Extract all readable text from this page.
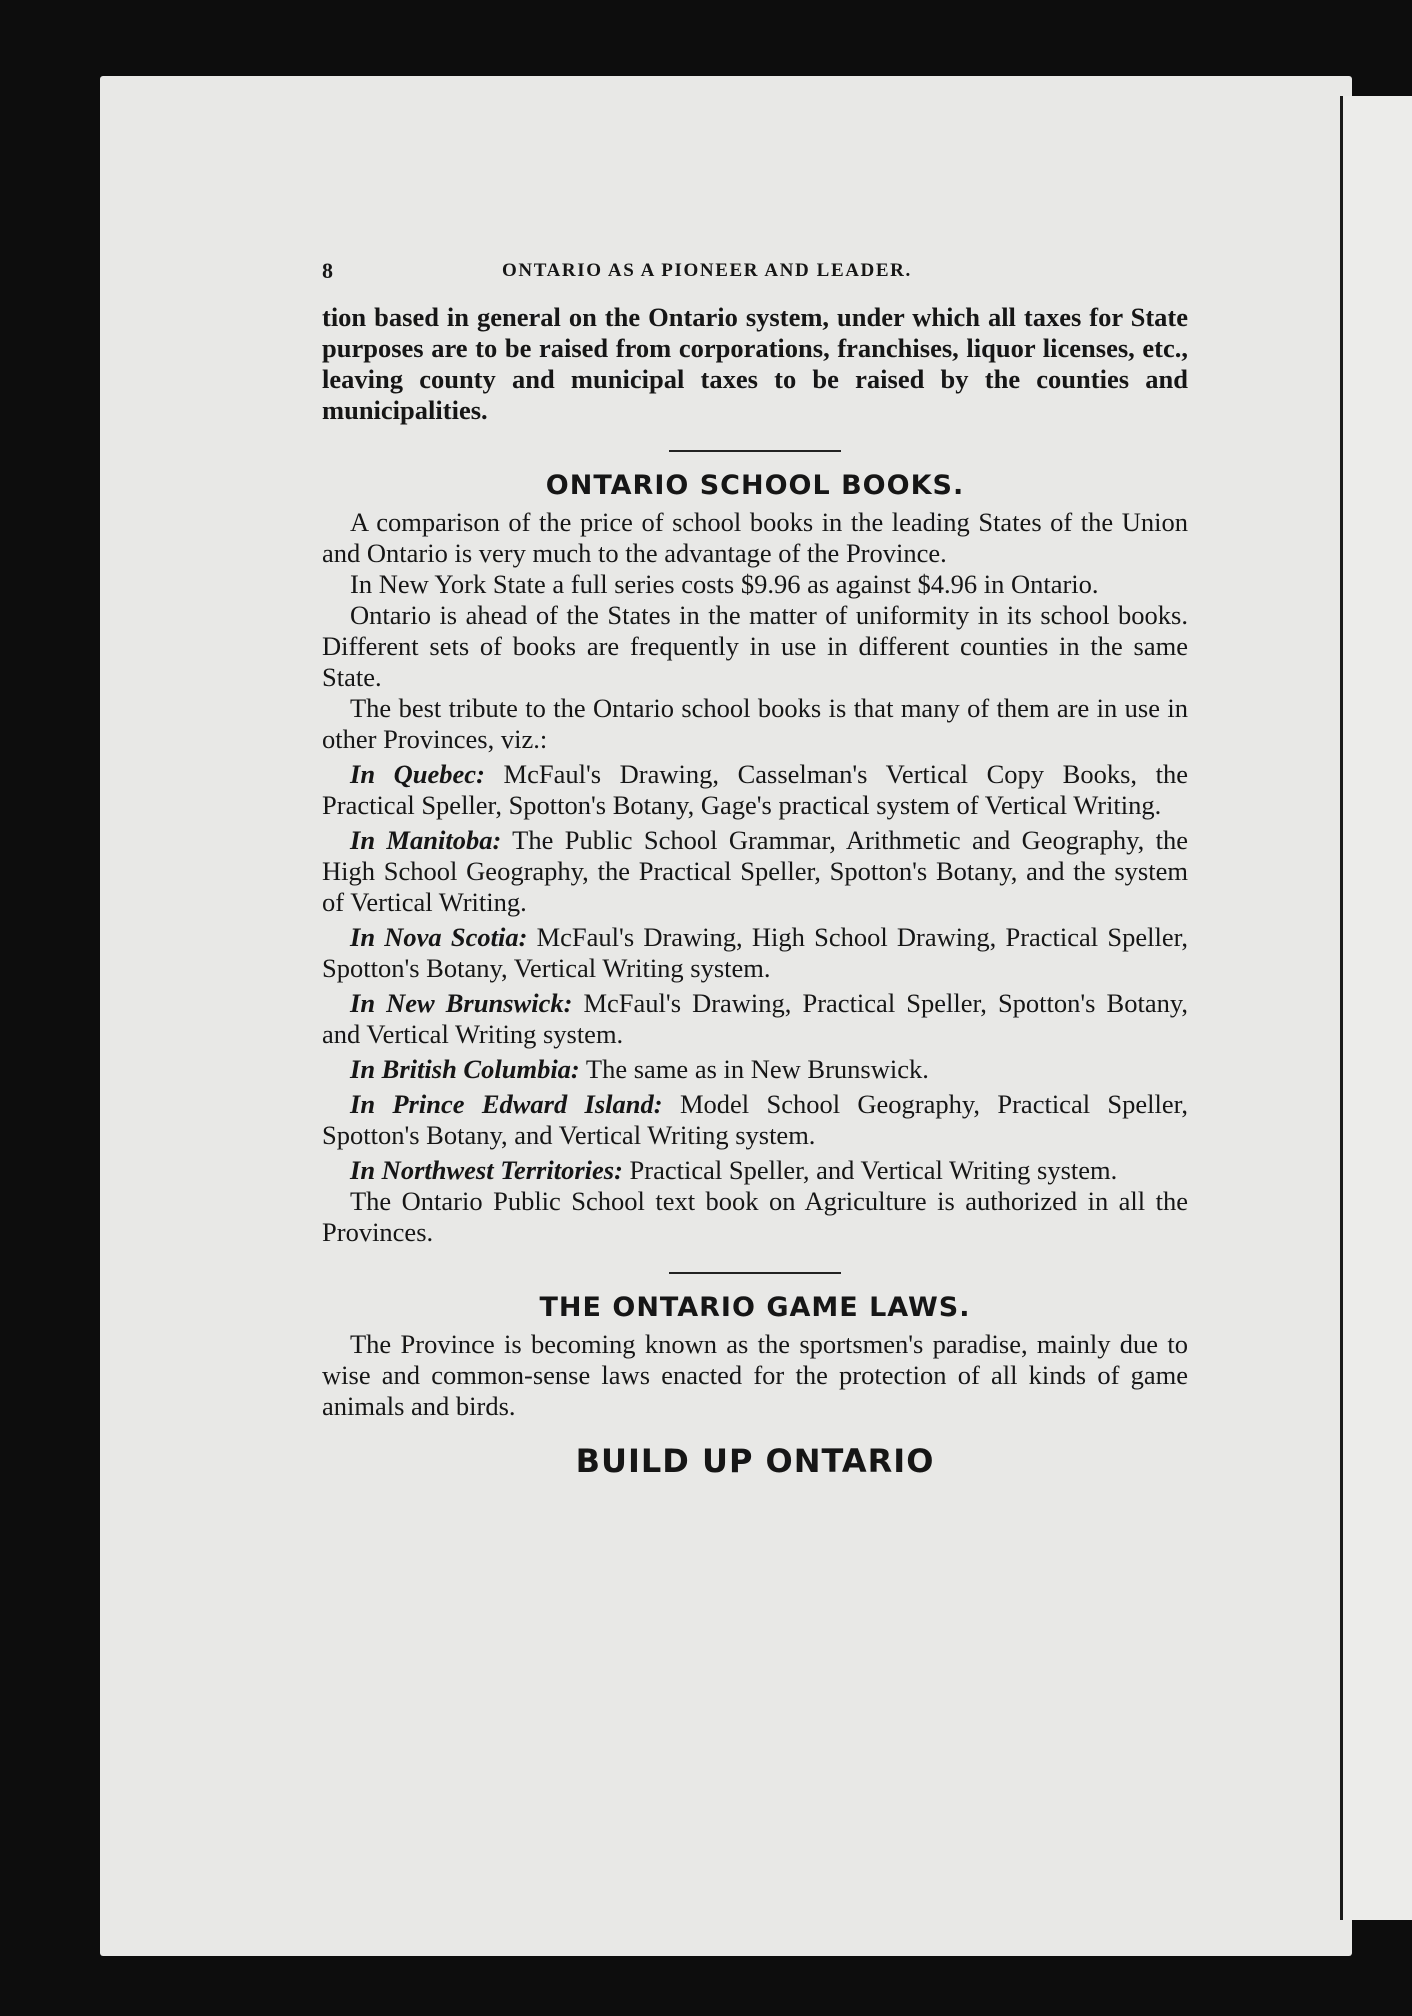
8	ONTARIO AS A PIONEER AND LEADER.

tion based in general on the Ontario system, under which all taxes for State purposes are to be raised from corporations, franchises, liquor licenses, etc., leaving county and municipal taxes to be raised by the counties and municipalities.

ONTARIO SCHOOL BOOKS.

A comparison of the price of school books in the leading States of the Union and Ontario is very much to the advantage of the Province.

In New York State a full series costs $9.96 as against $4.96 in Ontario.

Ontario is ahead of the States in the matter of uniformity in its school books. Different sets of books are frequently in use in different counties in the same State.

The best tribute to the Ontario school books is that many of them are in use in other Provinces, viz.:

In Quebec: McFaul's Drawing, Casselman's Vertical Copy Books, the Practical Speller, Spotton's Botany, Gage's practical system of Vertical Writing.

In Manitoba: The Public School Grammar, Arithmetic and Geography, the High School Geography, the Practical Speller, Spotton's Botany, and the system of Vertical Writing.

In Nova Scotia: McFaul's Drawing, High School Drawing, Practical Speller, Spotton's Botany, Vertical Writing system.

In New Brunswick: McFaul's Drawing, Practical Speller, Spotton's Botany, and Vertical Writing system.

In British Columbia: The same as in New Brunswick.

In Prince Edward Island: Model School Geography, Practical Speller, Spotton's Botany, and Vertical Writing system.

In Northwest Territories: Practical Speller, and Vertical Writing system.

The Ontario Public School text book on Agriculture is authorized in all the Provinces.

THE ONTARIO GAME LAWS.

The Province is becoming known as the sportsmen's paradise, mainly due to wise and common-sense laws enacted for the protection of all kinds of game animals and birds.

BUILD UP ONTARIO
